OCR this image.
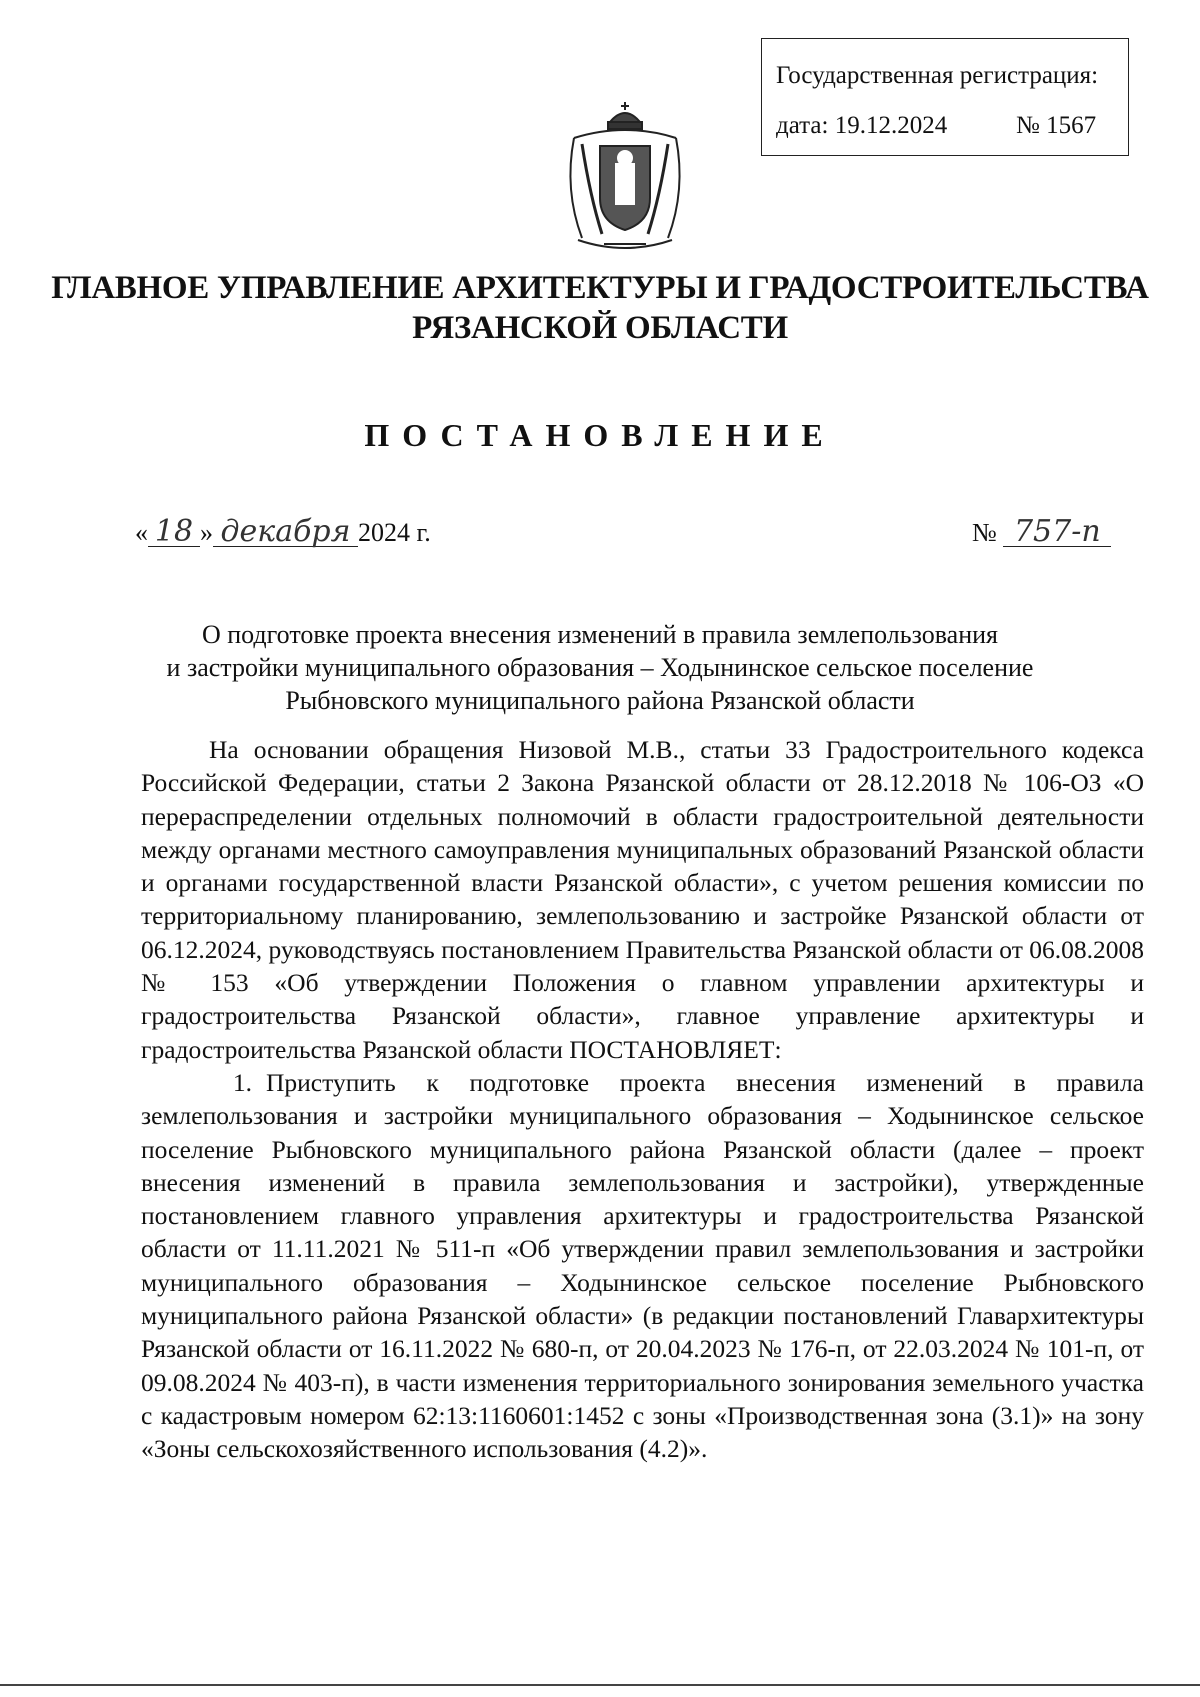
Государственная регистрация:
дата: 19.12.2024	№ 1567
ГЛАВНОЕ УПРАВЛЕНИЕ АРХИТЕКТУРЫ И ГРАДОСТРОИТЕЛЬСТВА
РЯЗАНСКОЙ ОБЛАСТИ
ПОСТАНОВЛЕНИЕ
« 18 » декабря 2024 г.	№ 757-п
О подготовке проекта внесения изменений в правила землепользования
и застройки муниципального образования – Ходынинское сельское поселение
Рыбновского муниципального района Рязанской области

На основании обращения Низовой М.В., статьи 33 Градостроительного кодекса Российской Федерации, статьи 2 Закона Рязанской области от 28.12.2018 № 106-ОЗ «О перераспределении отдельных полномочий в области градостроительной деятельности между органами местного самоуправления муниципальных образований Рязанской области и органами государственной власти Рязанской области», с учетом решения комиссии по территориальному планированию, землепользованию и застройке Рязанской области от 06.12.2024, руководствуясь постановлением Правительства Рязанской области от 06.08.2008 № 153 «Об утверждении Положения о главном управлении архитектуры и градостроительства Рязанской области», главное управление архитектуры и градостроительства Рязанской области ПОСТАНОВЛЯЕТ:

1. Приступить к подготовке проекта внесения изменений в правила землепользования и застройки муниципального образования – Ходынинское сельское поселение Рыбновского муниципального района Рязанской области (далее – проект внесения изменений в правила землепользования и застройки), утвержденные постановлением главного управления архитектуры и градостроительства Рязанской области от 11.11.2021 № 511-п «Об утверждении правил землепользования и застройки муниципального образования – Ходынинское сельское поселение Рыбновского муниципального района Рязанской области» (в редакции постановлений Главархитектуры Рязанской области от 16.11.2022 № 680-п, от 20.04.2023 № 176-п, от 22.03.2024 № 101-п, от 09.08.2024 № 403-п), в части изменения территориального зонирования земельного участка с кадастровым номером 62:13:1160601:1452 с зоны «Производственная зона (3.1)» на зону «Зоны сельскохозяйственного использования (4.2)».
